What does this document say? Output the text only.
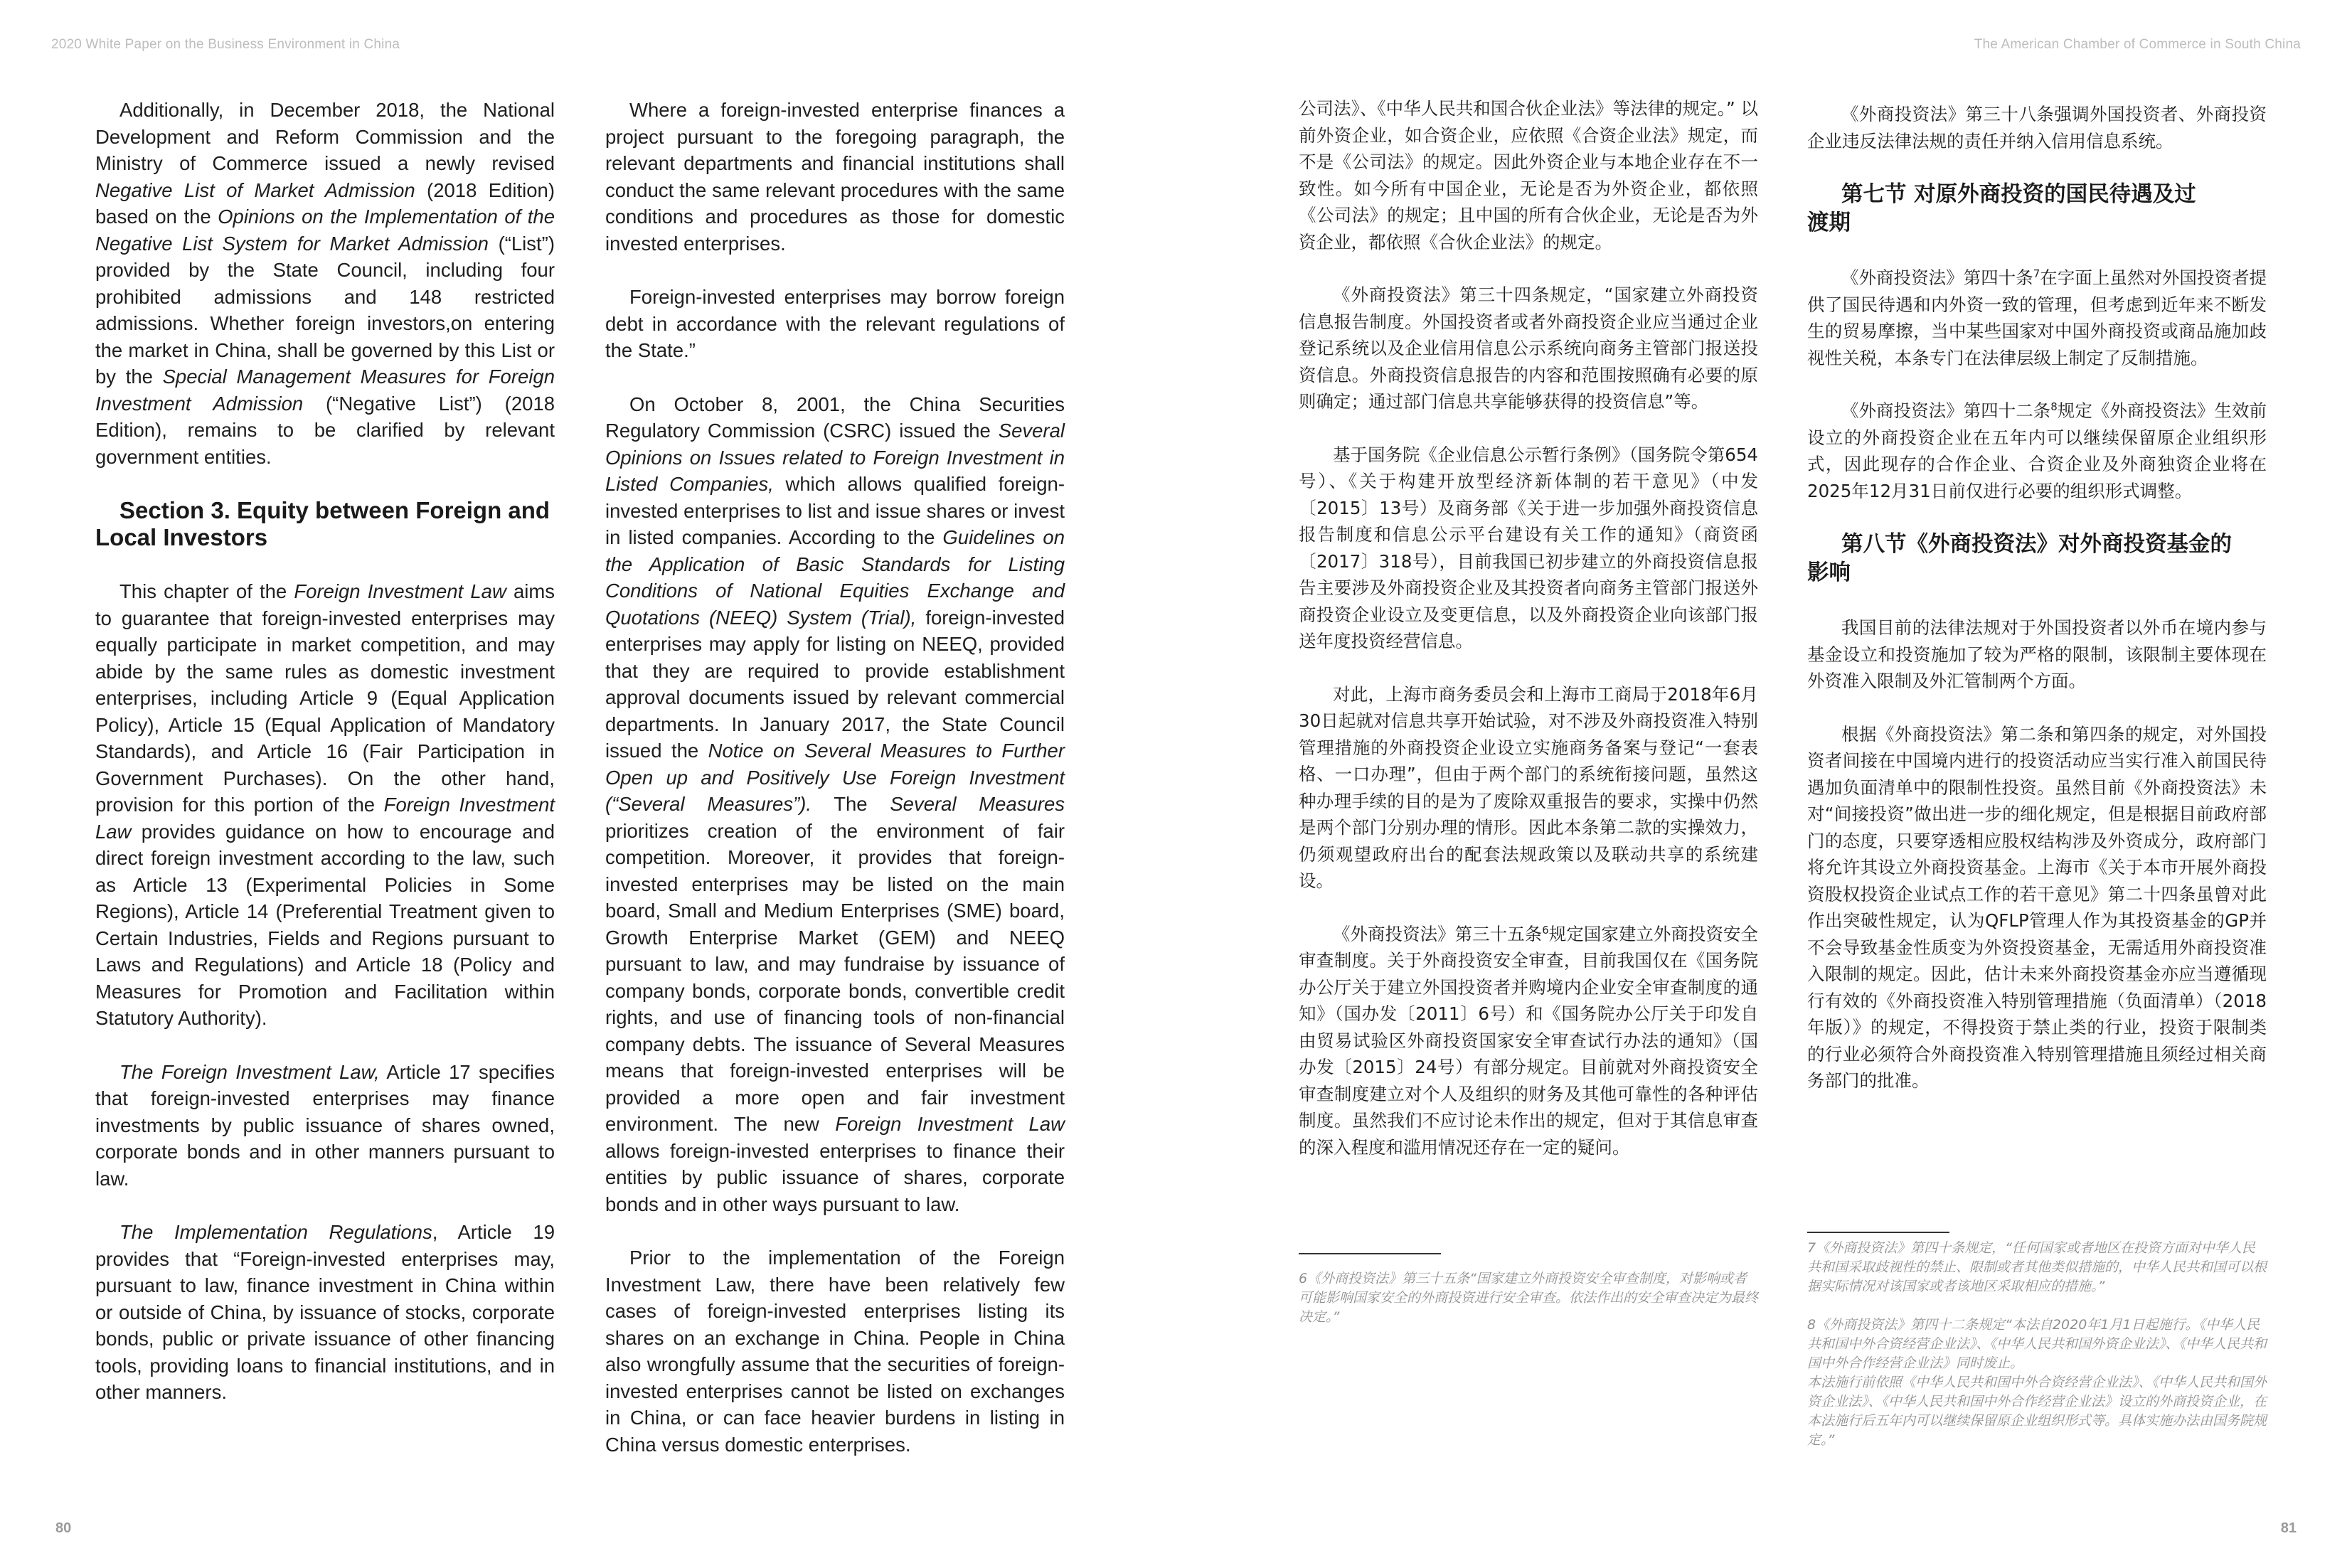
2020 White Paper on the Business Environment in China	The American Chamber of Commerce in South China

Additionally, in December 2018, the National Development and Reform Commission and the Ministry of Commerce issued a newly revised Negative List of Market Admission (2018 Edition) based on the Opinions on the Implementation of the Negative List System for Market Admission (“List”) provided by the State Council, including four prohibited admissions and 148 restricted admissions. Whether foreign investors,on entering the market in China, shall be governed by this List or by the Special Management Measures for Foreign Investment Admission (“Negative List”) (2018 Edition), remains to be clarified by relevant government entities.

Section 3. Equity between Foreign and
Local Investors

This chapter of the Foreign Investment Law aims to guarantee that foreign-invested enterprises may equally participate in market competition, and may abide by the same rules as domestic investment enterprises, including Article 9 (Equal Application Policy), Article 15 (Equal Application of Mandatory Standards), and Article 16 (Fair Participation in Government Purchases). On the other hand, provision for this portion of the Foreign Investment Law provides guidance on how to encourage and direct foreign investment according to the law, such as Article 13 (Experimental Policies in Some Regions), Article 14 (Preferential Treatment given to Certain Industries, Fields and Regions pursuant to Laws and Regulations) and Article 18 (Policy and Measures for Promotion and Facilitation within Statutory Authority).

The Foreign Investment Law, Article 17 specifies that foreign-invested enterprises may finance investments by public issuance of shares owned, corporate bonds and in other manners pursuant to law.

The Implementation Regulations, Article 19 provides that “Foreign-invested enterprises may, pursuant to law, finance investment in China within or outside of China, by issuance of stocks, corporate bonds, public or private issuance of other financing tools, providing loans to financial institutions, and in other manners.

Where a foreign-invested enterprise finances a project pursuant to the foregoing paragraph, the relevant departments and financial institutions shall conduct the same relevant procedures with the same conditions and procedures as those for domestic invested enterprises.

Foreign-invested enterprises may borrow foreign debt in accordance with the relevant regulations of the State.”

On October 8, 2001, the China Securities Regulatory Commission (CSRC) issued the Several Opinions on Issues related to Foreign Investment in Listed Companies, which allows qualified foreign-invested enterprises to list and issue shares or invest in listed companies. According to the Guidelines on the Application of Basic Standards for Listing Conditions of National Equities Exchange and Quotations (NEEQ) System (Trial), foreign-invested enterprises may apply for listing on NEEQ, provided that they are required to provide establishment approval documents issued by relevant commercial departments. In January 2017, the State Council issued the Notice on Several Measures to Further Open up and Positively Use Foreign Investment (“Several Measures”). The Several Measures prioritizes creation of the environment of fair competition. Moreover, it provides that foreign-invested enterprises may be listed on the main board, Small and Medium Enterprises (SME) board, Growth Enterprise Market (GEM) and NEEQ pursuant to law, and may fundraise by issuance of company bonds, corporate bonds, convertible credit rights, and use of financing tools of non-financial company debts. The issuance of Several Measures means that foreign-invested enterprises will be provided a more open and fair investment environment. The new Foreign Investment Law allows foreign-invested enterprises to finance their entities by public issuance of shares, corporate bonds and in other ways pursuant to law.

Prior to the implementation of the Foreign Investment Law, there have been relatively few cases of foreign-invested enterprises listing its shares on an exchange in China. People in China also wrongfully assume that the securities of foreign-invested enterprises cannot be listed on exchanges in China, or can face heavier burdens in listing in China versus domestic enterprises.

公司法》、《中华人民共和国合伙企业法》等法律的规定。” 以前外资企业，如合资企业，应依照《合资企业法》规定，而不是《公司法》的规定。因此外资企业与本地企业存在不一致性。如今所有中国企业，无论是否为外资企业，都依照《公司法》的规定；且中国的所有合伙企业，无论是否为外资企业，都依照《合伙企业法》的规定。

《外商投资法》第三十四条规定，“国家建立外商投资信息报告制度。外国投资者或者外商投资企业应当通过企业登记系统以及企业信用信息公示系统向商务主管部门报送投资信息。外商投资信息报告的内容和范围按照确有必要的原则确定；通过部门信息共享能够获得的投资信息”等。

基于国务院《企业信息公示暂行条例》（国务院令第654号）、《关于构建开放型经济新体制的若干意见》（中发〔2015〕13号）及商务部《关于进一步加强外商投资信息报告制度和信息公示平台建设有关工作的通知》（商资函〔2017〕318号），目前我国已初步建立的外商投资信息报告主要涉及外商投资企业及其投资者向商务主管部门报送外商投资企业设立及变更信息，以及外商投资企业向该部门报送年度投资经营信息。

对此，上海市商务委员会和上海市工商局于2018年6月30日起就对信息共享开始试验，对不涉及外商投资准入特别管理措施的外商投资企业设立实施商务备案与登记“一套表格、一口办理”，但由于两个部门的系统衔接问题，虽然这种办理手续的目的是为了废除双重报告的要求，实操中仍然是两个部门分别办理的情形。因此本条第二款的实操效力，仍须观望政府出台的配套法规政策以及联动共享的系统建设。

《外商投资法》第三十五条$^6$规定国家建立外商投资安全审查制度。关于外商投资安全审查，目前我国仅在《国务院办公厅关于建立外国投资者并购境内企业安全审查制度的通知》（国办发〔2011〕6号）和《国务院办公厅关于印发自由贸易试验区外商投资国家安全审查试行办法的通知》（国办发〔2015〕24号）有部分规定。目前就对外商投资安全审查制度建立对个人及组织的财务及其他可靠性的各种评估制度。虽然我们不应讨论未作出的规定，但对于其信息审查的深入程度和滥用情况还存在一定的疑问。

6《外商投资法》第三十五条“国家建立外商投资安全审查制度，对影响或者可能影响国家安全的外商投资进行安全审查。依法作出的安全审查决定为最终决定。”

《外商投资法》第三十八条强调外国投资者、外商投资企业违反法律法规的责任并纳入信用信息系统。

第七节 对原外商投资的国民待遇及过
渡期

《外商投资法》第四十条$^7$在字面上虽然对外国投资者提供了国民待遇和内外资一致的管理，但考虑到近年来不断发生的贸易摩擦，当中某些国家对中国外商投资或商品施加歧视性关税，本条专门在法律层级上制定了反制措施。

《外商投资法》第四十二条$^8$规定《外商投资法》生效前设立的外商投资企业在五年内可以继续保留原企业组织形式，因此现存的合作企业、合资企业及外商独资企业将在2025年12月31日前仅进行必要的组织形式调整。

第八节《外商投资法》对外商投资基金的
影响

我国目前的法律法规对于外国投资者以外币在境内参与基金设立和投资施加了较为严格的限制，该限制主要体现在外资准入限制及外汇管制两个方面。

根据《外商投资法》第二条和第四条的规定，对外国投资者间接在中国境内进行的投资活动应当实行准入前国民待遇加负面清单中的限制性投资。虽然目前《外商投资法》未对“间接投资”做出进一步的细化规定，但是根据目前政府部门的态度，只要穿透相应股权结构涉及外资成分，政府部门将允许其设立外商投资基金。上海市《关于本市开展外商投资股权投资企业试点工作的若干意见》第二十四条虽曾对此作出突破性规定，认为QFLP管理人作为其投资基金的GP并不会导致基金性质变为外资投资基金，无需适用外商投资准入限制的规定。因此，估计未来外商投资基金亦应当遵循现行有效的《外商投资准入特别管理措施（负面清单）（2018年版）》的规定，不得投资于禁止类的行业，投资于限制类的行业必须符合外商投资准入特别管理措施且须经过相关商务部门的批准。

7《外商投资法》第四十条规定，“任何国家或者地区在投资方面对中华人民共和国采取歧视性的禁止、限制或者其他类似措施的，中华人民共和国可以根据实际情况对该国家或者该地区采取相应的措施。”

8《外商投资法》第四十二条规定“本法自2020年1月1日起施行。《中华人民共和国中外合资经营企业法》、《中华人民共和国外资企业法》、《中华人民共和国中外合作经营企业法》同时废止。

本法施行前依照《中华人民共和国中外合资经营企业法》、《中华人民共和国外资企业法》、《中华人民共和国中外合作经营企业法》设立的外商投资企业，在本法施行后五年内可以继续保留原企业组织形式等。具体实施办法由国务院规定。”

80	81
